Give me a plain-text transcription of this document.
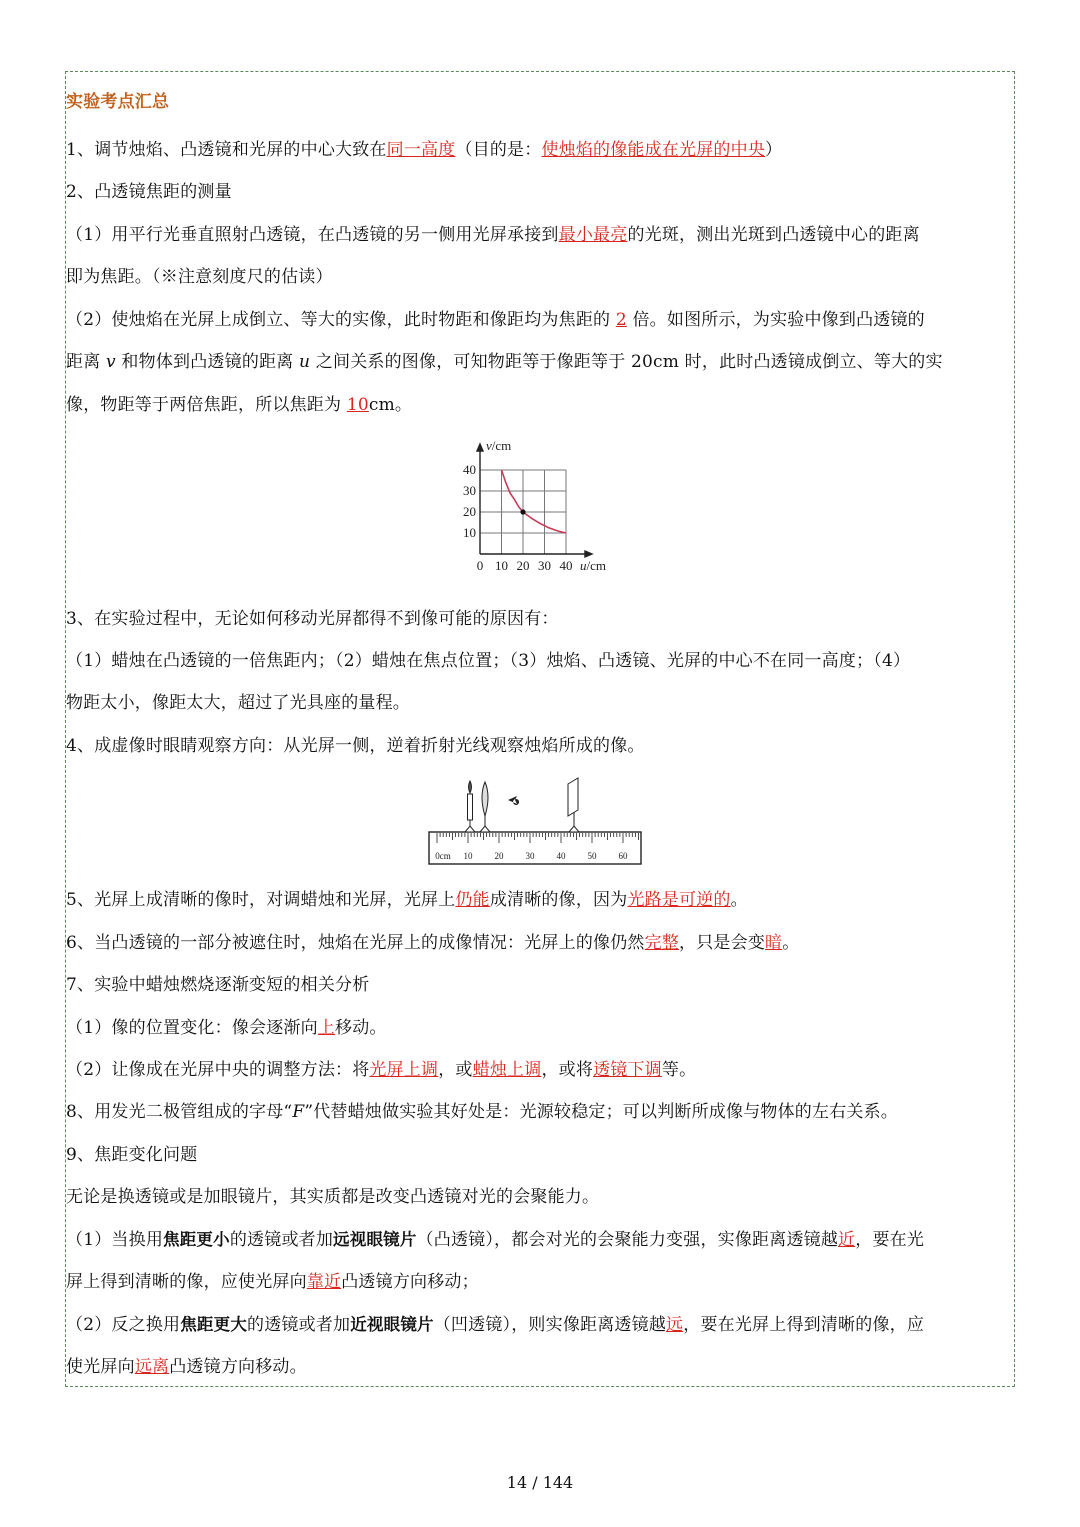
实验考点汇总
1、调节烛焰、凸透镜和光屏的中心大致在同一高度（目的是：使烛焰的像能成在光屏的中央）
2、凸透镜焦距的测量
（1）用平行光垂直照射凸透镜，在凸透镜的另一侧用光屏承接到最小最亮的光斑，测出光斑到凸透镜中心的距离
即为焦距。（※注意刻度尺的估读）
（2）使烛焰在光屏上成倒立、等大的实像，此时物距和像距均为焦距的 2 倍。如图所示，为实验中像到凸透镜的
距离 v 和物体到凸透镜的距离 u 之间关系的图像，可知物距等于像距等于 20cm 时，此时凸透镜成倒立、等大的实
像，物距等于两倍焦距，所以焦距为 10cm。
0 10 20 30 40
10
20
30
40
v/cm
u/cm
3、在实验过程中，无论如何移动光屏都得不到像可能的原因有：
（1）蜡烛在凸透镜的一倍焦距内；（2）蜡烛在焦点位置；（3）烛焰、凸透镜、光屏的中心不在同一高度；（4）
物距太小，像距太大，超过了光具座的量程。
4、成虚像时眼睛观察方向：从光屏一侧，逆着折射光线观察烛焰所成的像。
0cm 10 20 30 40 50 60
5、光屏上成清晰的像时，对调蜡烛和光屏，光屏上仍能成清晰的像，因为光路是可逆的。
6、当凸透镜的一部分被遮住时，烛焰在光屏上的成像情况：光屏上的像仍然完整，只是会变暗。
7、实验中蜡烛燃烧逐渐变短的相关分析
（1）像的位置变化：像会逐渐向上移动。
（2）让像成在光屏中央的调整方法：将光屏上调，或蜡烛上调，或将透镜下调等。
8、用发光二极管组成的字母“F”代替蜡烛做实验其好处是：光源较稳定；可以判断所成像与物体的左右关系。
9、焦距变化问题
无论是换透镜或是加眼镜片，其实质都是改变凸透镜对光的会聚能力。
（1）当换用焦距更小的透镜或者加远视眼镜片（凸透镜），都会对光的会聚能力变强，实像距离透镜越近，要在光
屏上得到清晰的像，应使光屏向靠近凸透镜方向移动；
（2）反之换用焦距更大的透镜或者加近视眼镜片（凹透镜），则实像距离透镜越远，要在光屏上得到清晰的像，应
使光屏向远离凸透镜方向移动。
14 / 144
